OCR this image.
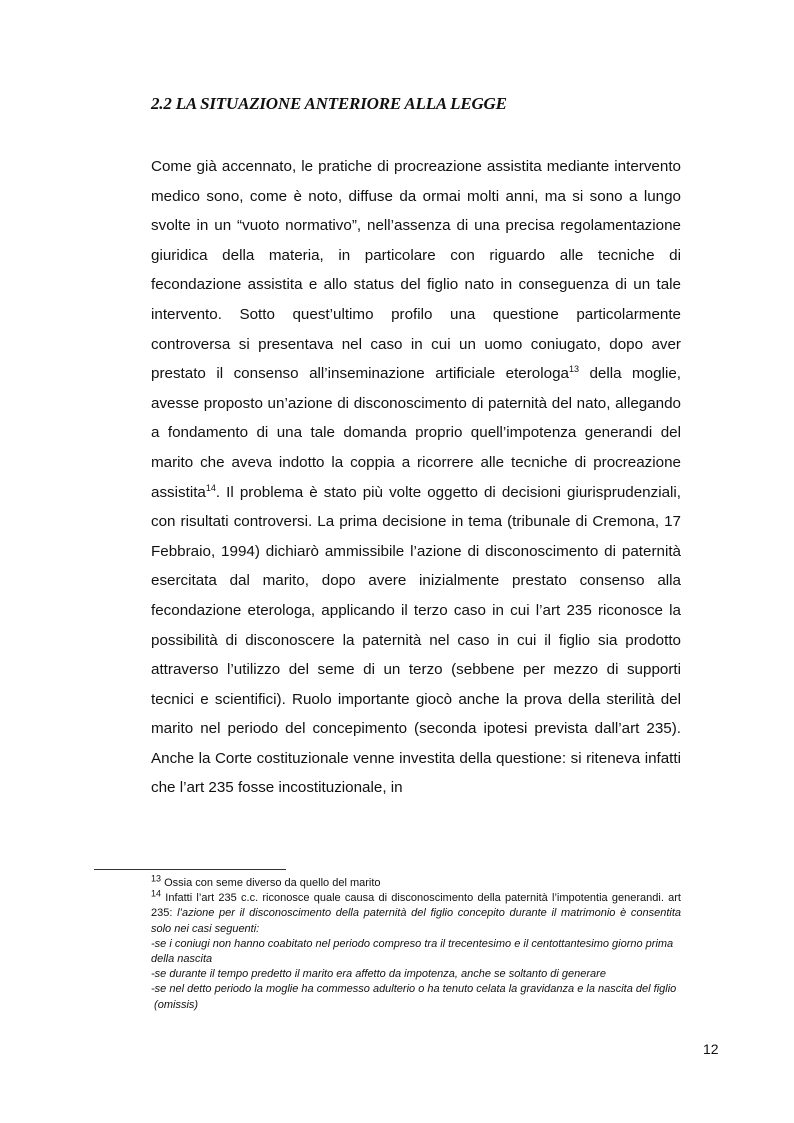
2.2 LA SITUAZIONE ANTERIORE ALLA LEGGE

Come già accennato, le pratiche di procreazione assistita mediante intervento medico sono, come è noto, diffuse da ormai molti anni, ma si sono a lungo svolte in un “vuoto normativo”, nell’assenza di una precisa regolamentazione giuridica della materia, in particolare con riguardo alle tecniche di fecondazione assistita e allo status del figlio nato in conseguenza di un tale intervento. Sotto quest’ultimo profilo una questione particolarmente controversa si presentava nel caso in cui un uomo coniugato, dopo aver prestato il consenso all’inseminazione artificiale eterologa$^{13}$ della moglie, avesse proposto un’azione di disconoscimento di paternità del nato, allegando a fondamento di una tale domanda proprio quell’impotenza generandi del marito che aveva indotto la coppia a ricorrere alle tecniche di procreazione assistita$^{14}$. Il problema è stato più volte oggetto di decisioni giurisprudenziali, con risultati controversi. La prima decisione in tema (tribunale di Cremona, 17 Febbraio, 1994) dichiarò ammissibile l’azione di disconoscimento di paternità esercitata dal marito, dopo avere inizialmente prestato consenso alla fecondazione eterologa, applicando il terzo caso in cui l’art 235 riconosce la possibilità di disconoscere la paternità nel caso in cui il figlio sia prodotto attraverso l’utilizzo del seme di un terzo (sebbene per mezzo di supporti tecnici e scientifici). Ruolo importante giocò anche la prova della sterilità del marito nel periodo del concepimento (seconda ipotesi prevista dall’art 235). Anche la Corte costituzionale venne investita della questione: si riteneva infatti che l’art 235 fosse incostituzionale, in

$^{13}$ Ossia con seme diverso da quello del marito

$^{14}$ Infatti l’art 235 c.c. riconosce quale causa di disconoscimento della paternità l’impotentia generandi. art 235: l’azione per il disconoscimento della paternità del figlio concepito durante il matrimonio è consentita solo nei casi seguenti:

-se i coniugi non hanno coabitato nel periodo compreso tra il trecentesimo e il centottantesimo giorno prima della nascita

-se durante il tempo predetto il marito era affetto da impotenza, anche se soltanto di generare

-se nel detto periodo la moglie ha commesso adulterio o ha tenuto celata la gravidanza e la nascita del figlio

(omissis)

12
